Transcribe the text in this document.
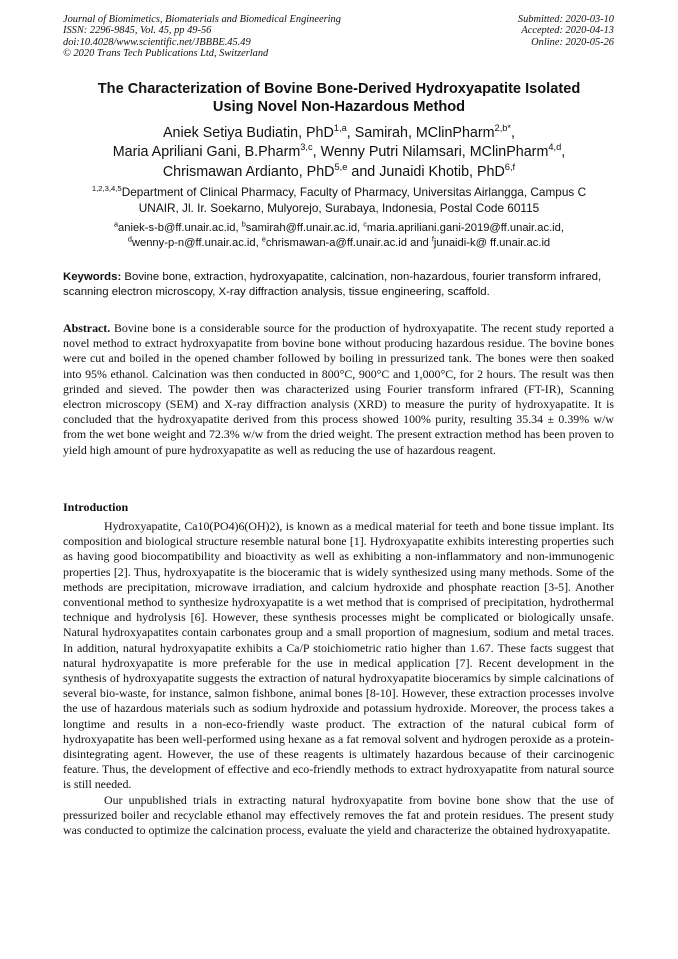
Journal of Biomimetics, Biomaterials and Biomedical Engineering
ISSN: 2296-9845, Vol. 45, pp 49-56
doi:10.4028/www.scientific.net/JBBBE.45.49
© 2020 Trans Tech Publications Ltd, Switzerland
Submitted: 2020-03-10
Accepted: 2020-04-13
Online: 2020-05-26
The Characterization of Bovine Bone-Derived Hydroxyapatite Isolated
Using Novel Non-Hazardous Method
Aniek Setiya Budiatin, PhD$^{1,a}$, Samirah, MClinPharm$^{2,b*}$,
Maria Apriliani Gani, B.Pharm$^{3,c}$, Wenny Putri Nilamsari, MClinPharm$^{4,d}$,
Chrismawan Ardianto, PhD$^{5,e}$ and Junaidi Khotib, PhD$^{6,f}$
$^{1,2,3,4,5}$Department of Clinical Pharmacy, Faculty of Pharmacy, Universitas Airlangga, Campus C
UNAIR, Jl. Ir. Soekarno, Mulyorejo, Surabaya, Indonesia, Postal Code 60115
$^a$aniek-s-b@ff.unair.ac.id, $^b$samirah@ff.unair.ac.id, $^c$maria.apriliani.gani-2019@ff.unair.ac.id,
$^d$wenny-p-n@ff.unair.ac.id, $^e$chrismawan-a@ff.unair.ac.id and $^f$junaidi-k@ ff.unair.ac.id
Keywords: Bovine bone, extraction, hydroxyapatite, calcination, non-hazardous, fourier transform infrared, scanning electron microscopy, X-ray diffraction analysis, tissue engineering, scaffold.
Abstract. Bovine bone is a considerable source for the production of hydroxyapatite. The recent study reported a novel method to extract hydroxyapatite from bovine bone without producing hazardous residue. The bovine bones were cut and boiled in the opened chamber followed by boiling in pressurized tank. The bones were then soaked into 95% ethanol. Calcination was then conducted in 800°C, 900°C and 1,000°C, for 2 hours. The result was then grinded and sieved. The powder then was characterized using Fourier transform infrared (FT-IR), Scanning electron microscopy (SEM) and X-ray diffraction analysis (XRD) to measure the purity of hydroxyapatite. It is concluded that the hydroxyapatite derived from this process showed 100% purity, resulting 35.34 ± 0.39% w/w from the wet bone weight and 72.3% w/w from the dried weight. The present extraction method has been proven to yield high amount of pure hydroxyapatite as well as reducing the use of hazardous reagent.
Introduction

Hydroxyapatite, Ca10(PO4)6(OH)2), is known as a medical material for teeth and bone tissue implant. Its composition and biological structure resemble natural bone [1]. Hydroxyapatite exhibits interesting properties such as having good biocompatibility and bioactivity as well as exhibiting a non-inflammatory and non-immunogenic properties [2]. Thus, hydroxyapatite is the bioceramic that is widely synthesized using many methods. Some of the methods are precipitation, microwave irradiation, and calcium hydroxide and phosphate reaction [3-5]. Another conventional method to synthesize hydroxyapatite is a wet method that is comprised of precipitation, hydrothermal technique and hydrolysis [6]. However, these synthesis processes might be complicated or biologically unsafe. Natural hydroxyapatites contain carbonates group and a small proportion of magnesium, sodium and metal traces. In addition, natural hydroxyapatite exhibits a Ca/P stoichiometric ratio higher than 1.67. These facts suggest that natural hydroxyapatite is more preferable for the use in medical application [7]. Recent development in the synthesis of hydroxyapatite suggests the extraction of natural hydroxyapatite bioceramics by simple calcinations of several bio-waste, for instance, salmon fishbone, animal bones [8-10]. However, these extraction processes involve the use of hazardous materials such as sodium hydroxide and potassium hydroxide. Moreover, the process takes a longtime and results in a non-eco-friendly waste product. The extraction of the natural cubical form of hydroxyapatite has been well-performed using hexane as a fat removal solvent and hydrogen peroxide as a protein-disintegrating agent. However, the use of these reagents is ultimately hazardous because of their carcinogenic feature. Thus, the development of effective and eco-friendly methods to extract hydroxyapatite from natural source is still needed.

Our unpublished trials in extracting natural hydroxyapatite from bovine bone show that the use of pressurized boiler and recyclable ethanol may effectively removes the fat and protein residues. The present study was conducted to optimize the calcination process, evaluate the yield and characterize the obtained hydroxyapatite.
